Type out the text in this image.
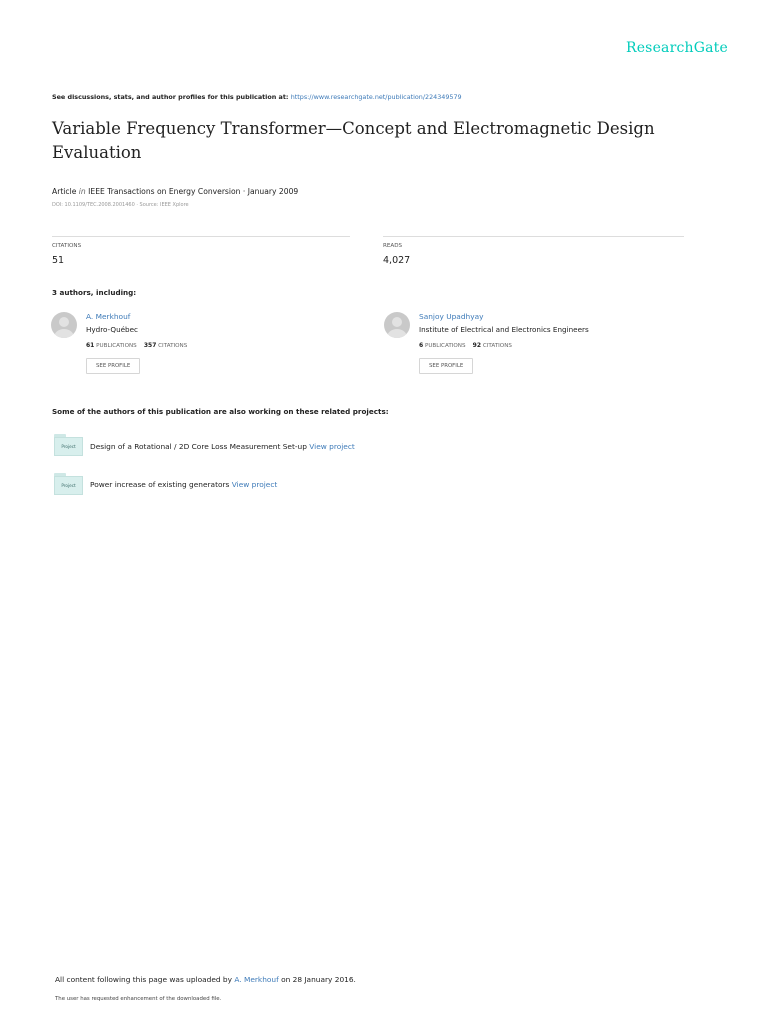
ResearchGate
See discussions, stats, and author profiles for this publication at: https://www.researchgate.net/publication/224349579
Variable Frequency Transformer—Concept and Electromagnetic Design Evaluation
Article in IEEE Transactions on Energy Conversion · January 2009
DOI: 10.1109/TEC.2008.2001460 · Source: IEEE Xplore
CITATIONS
51
READS
4,027
3 authors, including:
A. Merkhouf
Hydro-Québec
61 PUBLICATIONS 357 CITATIONS
SEE PROFILE
Sanjoy Upadhyay
Institute of Electrical and Electronics Engineers
6 PUBLICATIONS 92 CITATIONS
SEE PROFILE
Some of the authors of this publication are also working on these related projects:
Project	Design of a Rotational / 2D Core Loss Measurement Set-up View project
Project	Power increase of existing generators View project
All content following this page was uploaded by A. Merkhouf on 28 January 2016.
The user has requested enhancement of the downloaded file.
